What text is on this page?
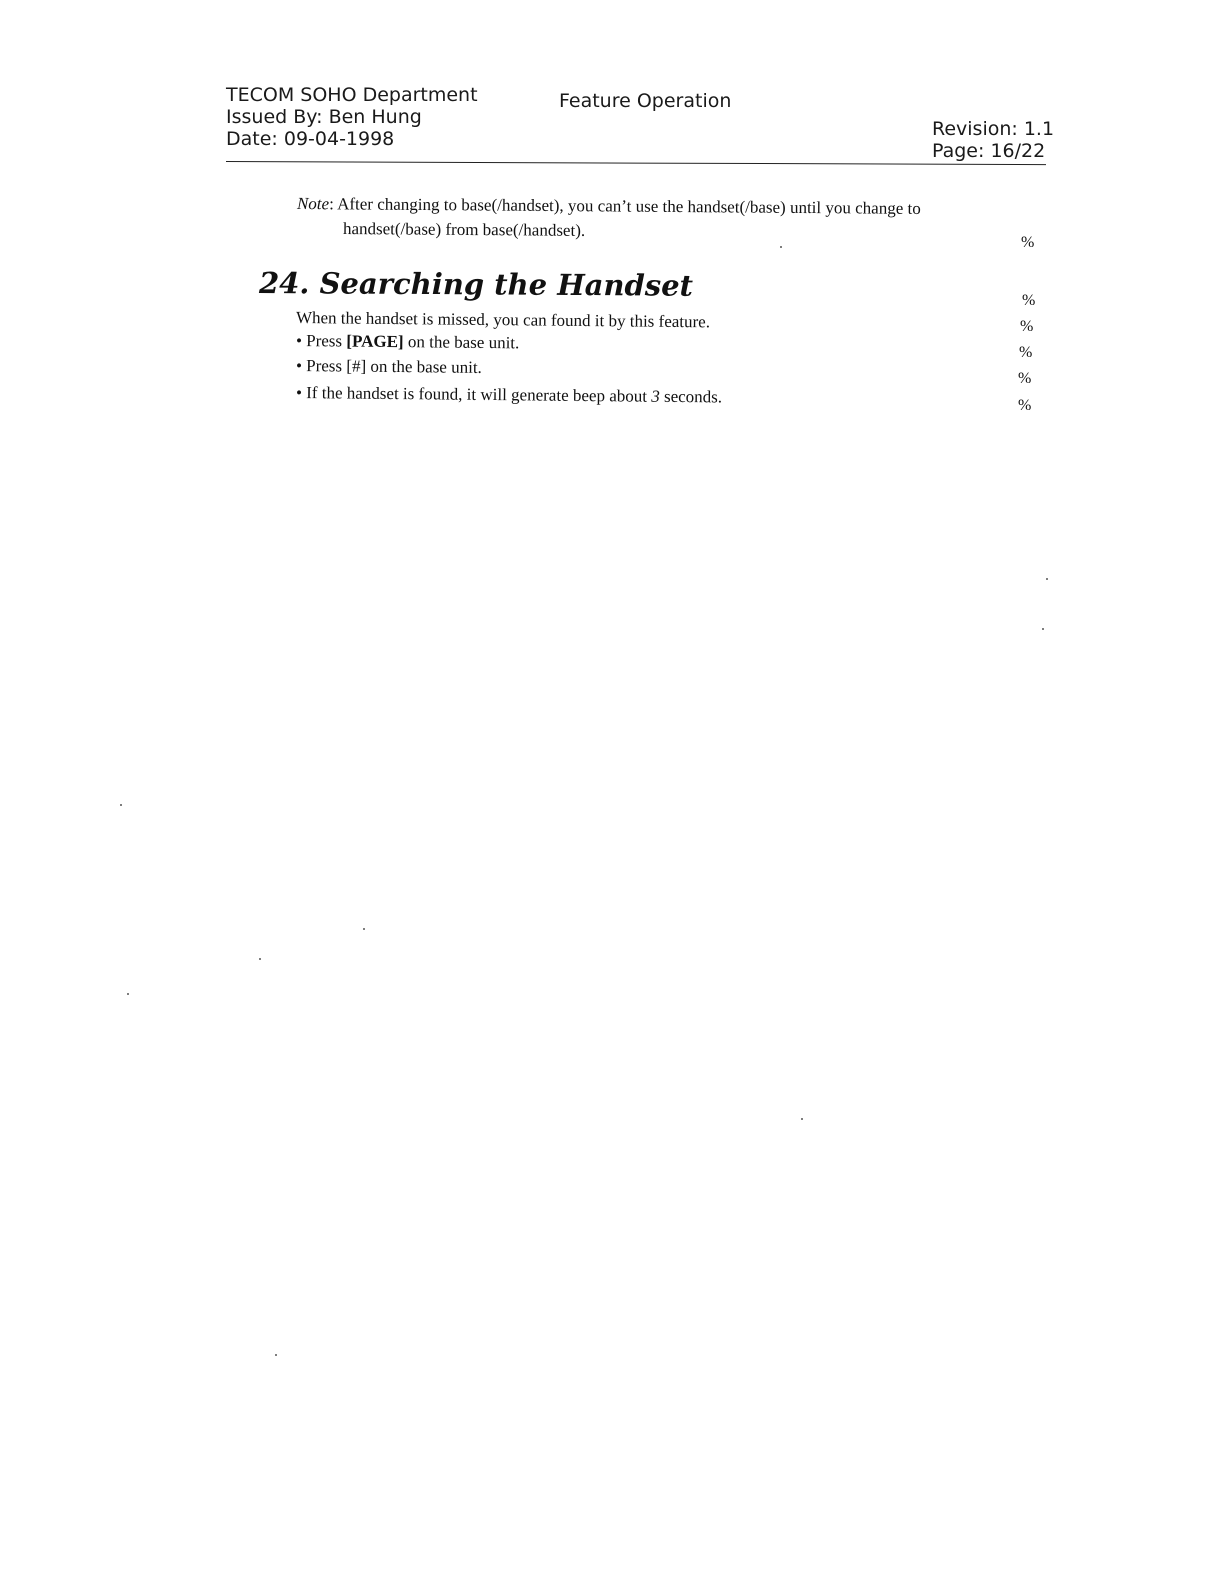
TECOM SOHO Department
Issued By: Ben Hung
Date: 09-04-1998
Feature Operation
Revision: 1.1
Page: 16/22
Note: After changing to base(/handset), you can’t use the handset(/base) until you change to
handset(/base) from base(/handset).
24. Searching the Handset
When the handset is missed, you can found it by this feature.
• Press [PAGE] on the base unit.
• Press [#] on the base unit.
• If the handset is found, it will generate beep about 3 seconds.
%
%
%
%
%
%
